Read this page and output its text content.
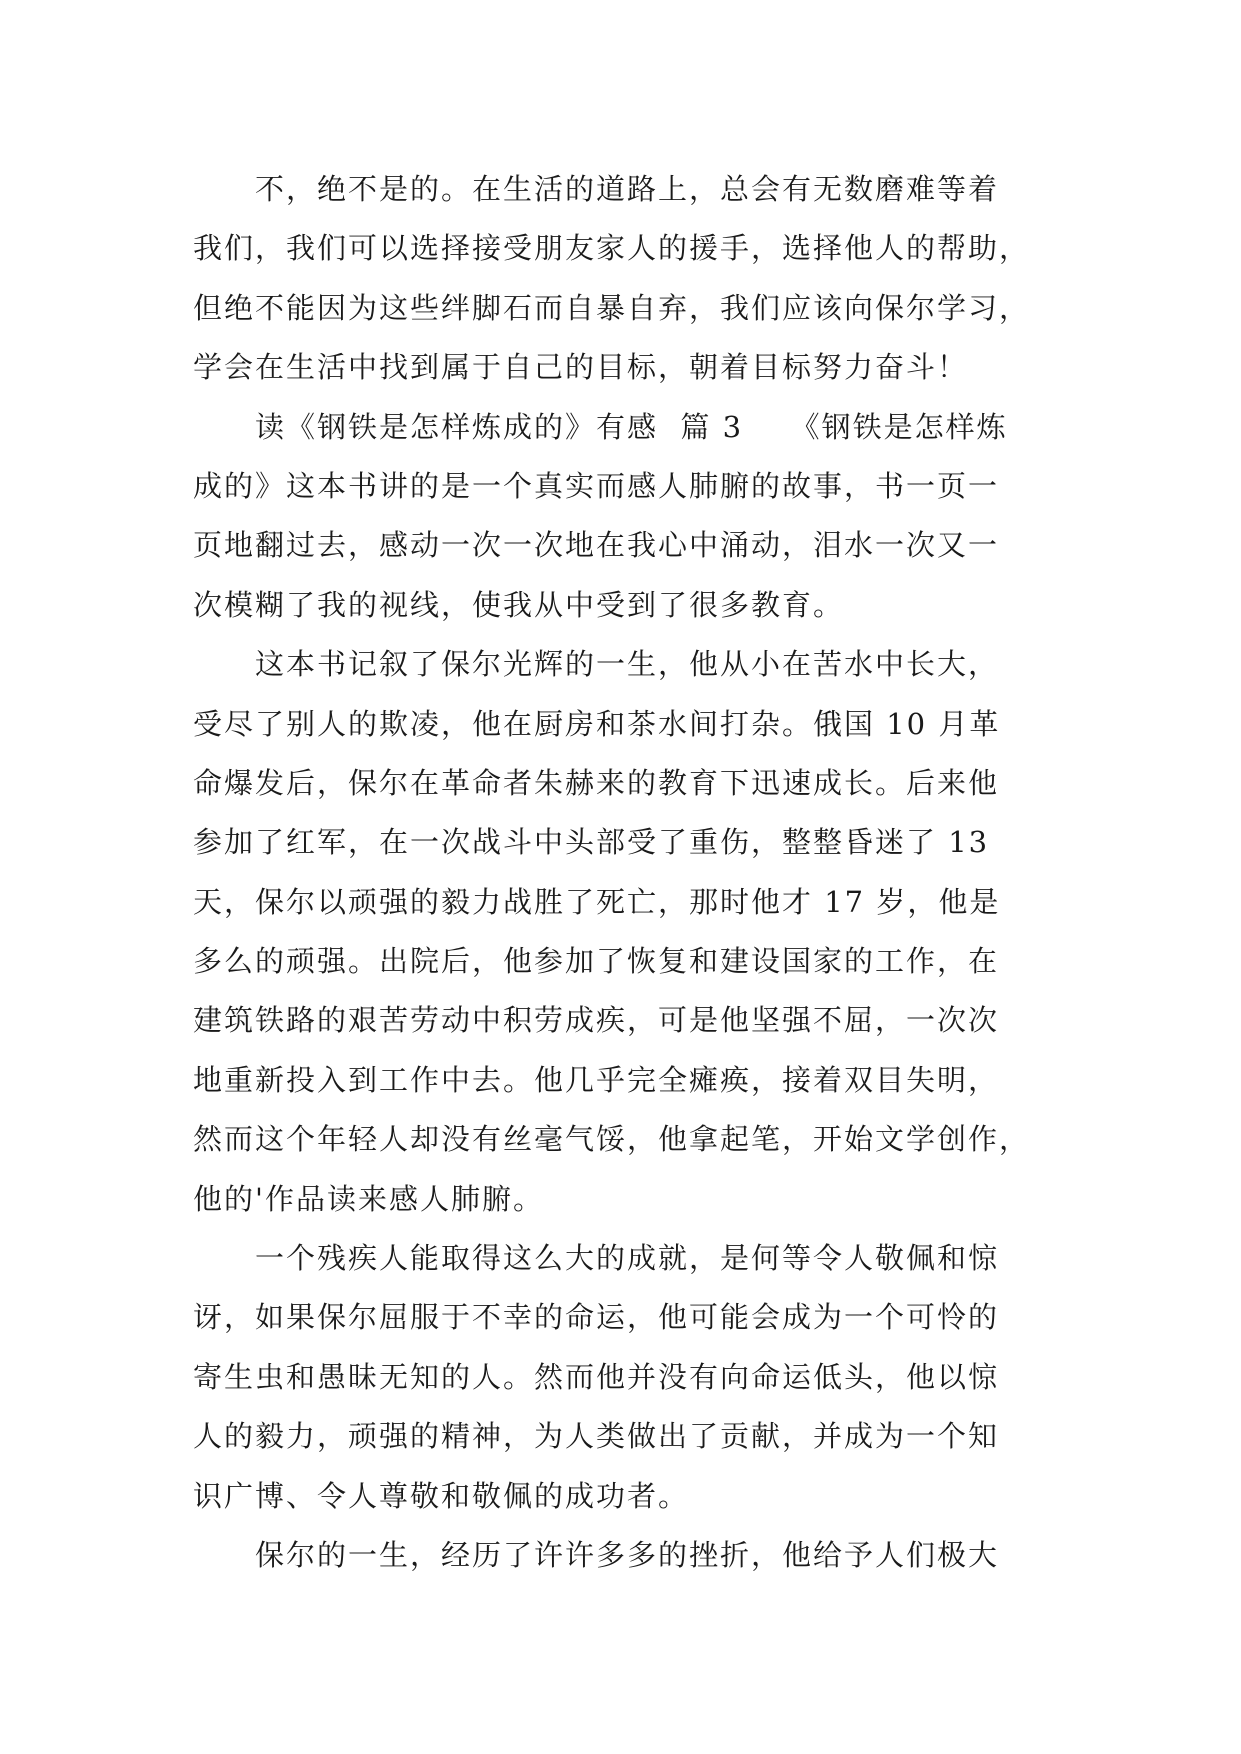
　　不，绝不是的。在生活的道路上，总会有无数磨难等着
我们，我们可以选择接受朋友家人的援手，选择他人的帮助，
但绝不能因为这些绊脚石而自暴自弃，我们应该向保尔学习，
学会在生活中找到属于自己的目标，朝着目标努力奋斗！
　　读《钢铁是怎样炼成的》有感  篇 3　　《钢铁是怎样炼
成的》这本书讲的是一个真实而感人肺腑的故事，书一页一
页地翻过去，感动一次一次地在我心中涌动，泪水一次又一
次模糊了我的视线，使我从中受到了很多教育。
　　这本书记叙了保尔光辉的一生，他从小在苦水中长大，
受尽了别人的欺凌，他在厨房和茶水间打杂。俄国 10 月革
命爆发后，保尔在革命者朱赫来的教育下迅速成长。后来他
参加了红军，在一次战斗中头部受了重伤，整整昏迷了 13
天，保尔以顽强的毅力战胜了死亡，那时他才 17 岁，他是
多么的顽强。出院后，他参加了恢复和建设国家的工作，在
建筑铁路的艰苦劳动中积劳成疾，可是他坚强不屈，一次次
地重新投入到工作中去。他几乎完全瘫痪，接着双目失明，
然而这个年轻人却没有丝毫气馁，他拿起笔，开始文学创作，
他的'作品读来感人肺腑。
　　一个残疾人能取得这么大的成就，是何等令人敬佩和惊
讶，如果保尔屈服于不幸的命运，他可能会成为一个可怜的
寄生虫和愚昧无知的人。然而他并没有向命运低头，他以惊
人的毅力，顽强的精神，为人类做出了贡献，并成为一个知
识广博、令人尊敬和敬佩的成功者。
　　保尔的一生，经历了许许多多的挫折，他给予人们极大
